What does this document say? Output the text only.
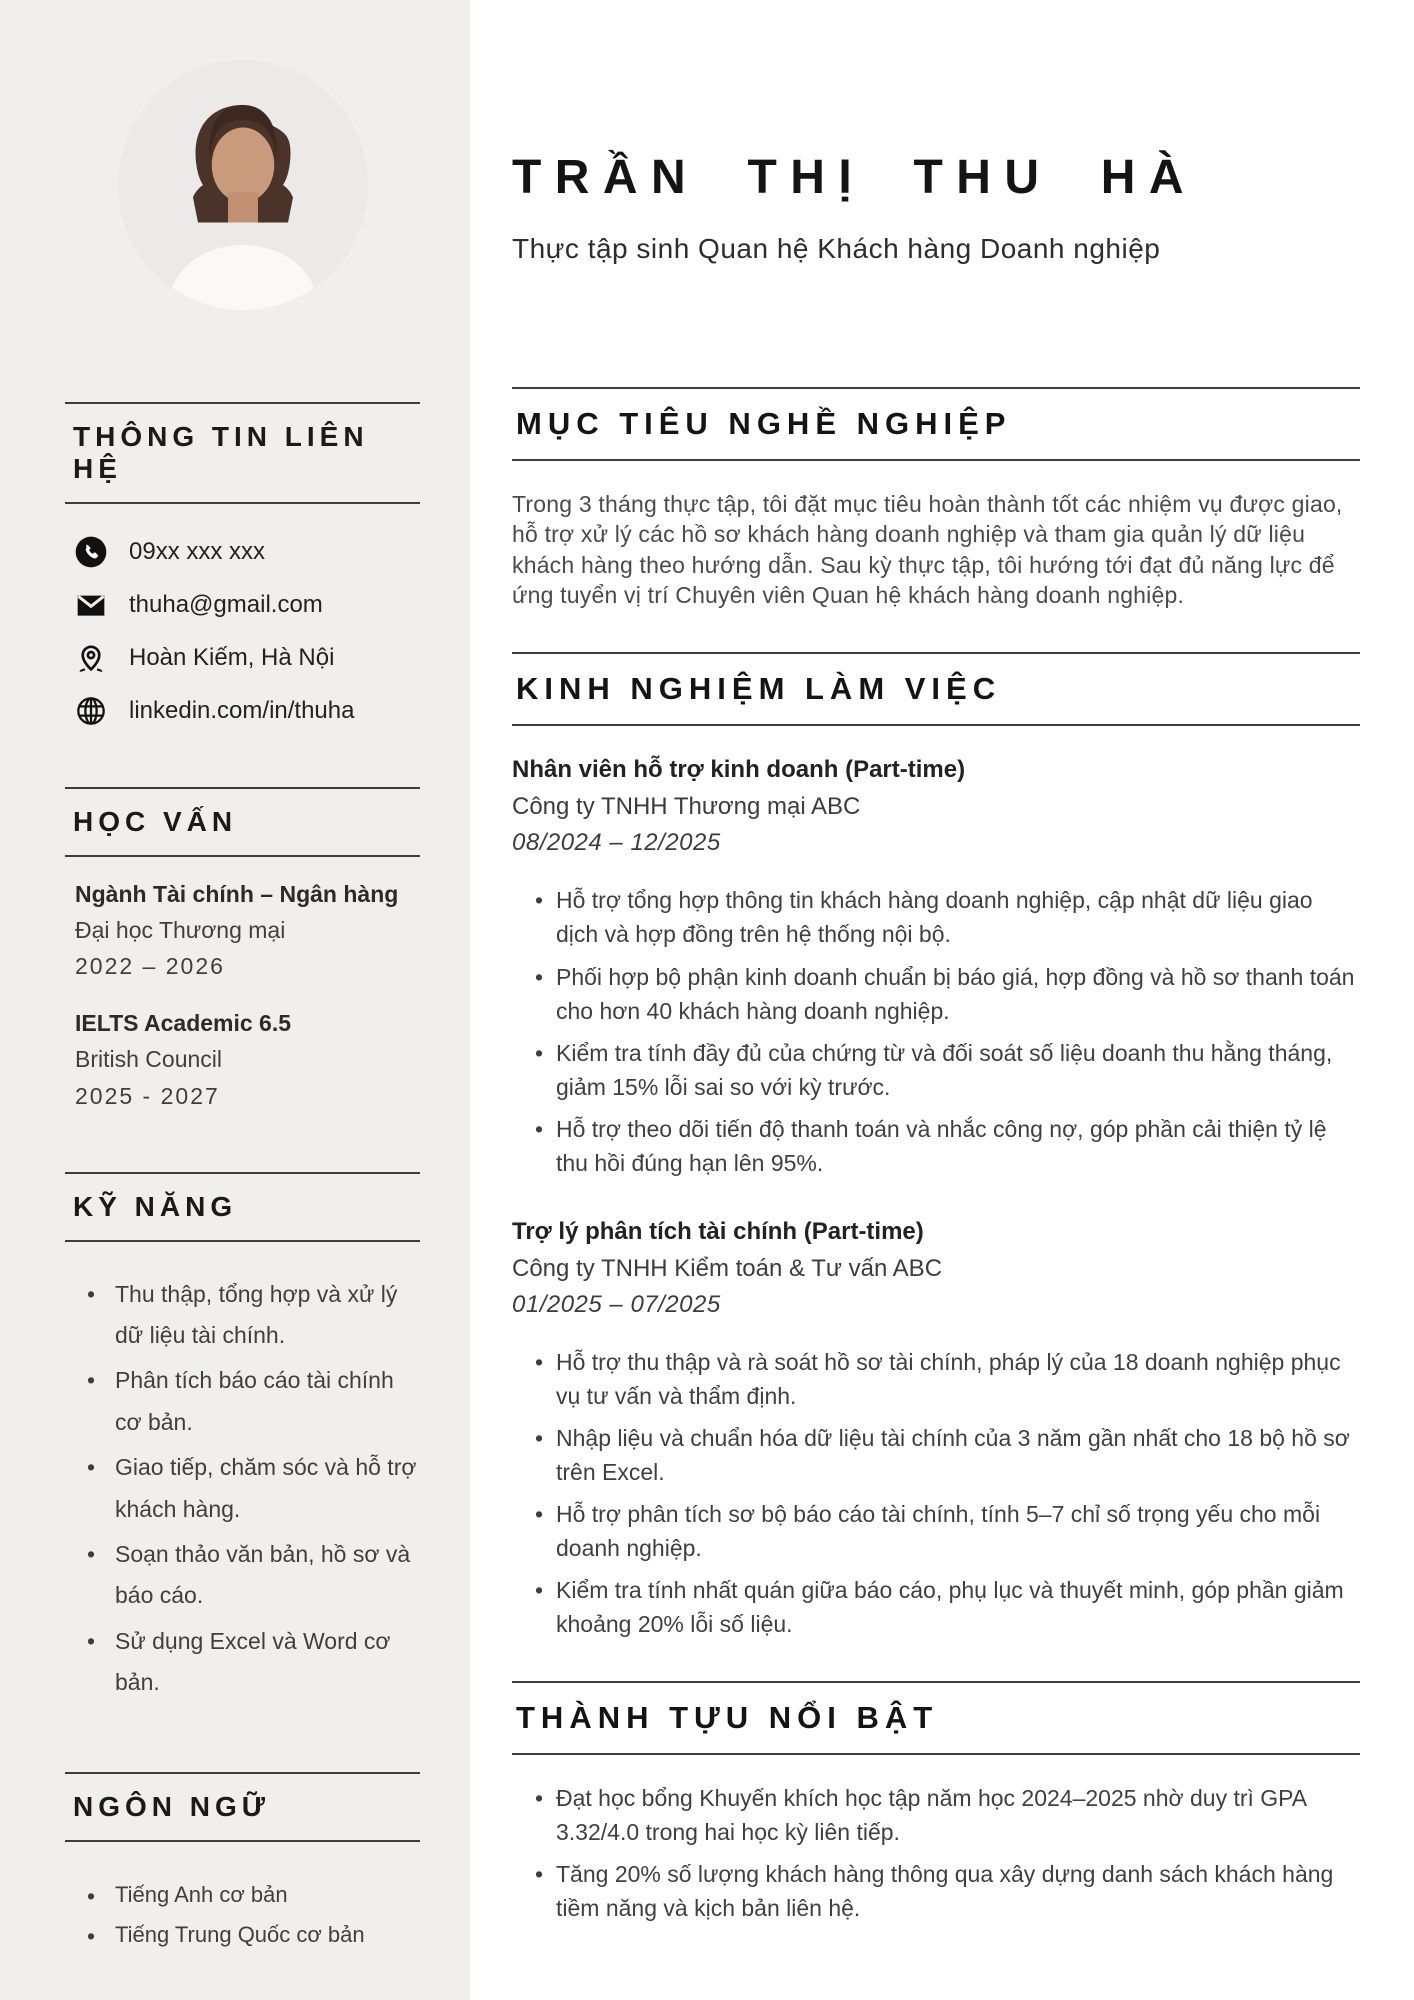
THÔNG TIN LIÊN HỆ
09xx xxx xxx
thuha@gmail.com
Hoàn Kiếm, Hà Nội
linkedin.com/in/thuha
HỌC VẤN

Ngành Tài chính – Ngân hàng

Đại học Thương mại

2022 – 2026

IELTS Academic 6.5

British Council

2025 - 2027

KỸ NĂNG
• Thu thập, tổng hợp và xử lý dữ liệu tài chính.
• Phân tích báo cáo tài chính cơ bản.
• Giao tiếp, chăm sóc và hỗ trợ khách hàng.
• Soạn thảo văn bản, hồ sơ và báo cáo.
• Sử dụng Excel và Word cơ bản.
NGÔN NGỮ
• Tiếng Anh cơ bản
• Tiếng Trung Quốc cơ bản
TRẦN THỊ THU HÀ

Thực tập sinh Quan hệ Khách hàng Doanh nghiệp

MỤC TIÊU NGHỀ NGHIỆP

Trong 3 tháng thực tập, tôi đặt mục tiêu hoàn thành tốt các nhiệm vụ được giao, hỗ trợ xử lý các hồ sơ khách hàng doanh nghiệp và tham gia quản lý dữ liệu khách hàng theo hướng dẫn. Sau kỳ thực tập, tôi hướng tới đạt đủ năng lực để ứng tuyển vị trí Chuyên viên Quan hệ khách hàng doanh nghiệp.

KINH NGHIỆM LÀM VIỆC

Nhân viên hỗ trợ kinh doanh (Part-time)

Công ty TNHH Thương mại ABC

08/2024 – 12/2025

• Hỗ trợ tổng hợp thông tin khách hàng doanh nghiệp, cập nhật dữ liệu giao dịch và hợp đồng trên hệ thống nội bộ.
• Phối hợp bộ phận kinh doanh chuẩn bị báo giá, hợp đồng và hồ sơ thanh toán cho hơn 40 khách hàng doanh nghiệp.
• Kiểm tra tính đầy đủ của chứng từ và đối soát số liệu doanh thu hằng tháng, giảm 15% lỗi sai so với kỳ trước.
• Hỗ trợ theo dõi tiến độ thanh toán và nhắc công nợ, góp phần cải thiện tỷ lệ thu hồi đúng hạn lên 95%.

Trợ lý phân tích tài chính (Part-time)

Công ty TNHH Kiểm toán & Tư vấn ABC

01/2025 – 07/2025

• Hỗ trợ thu thập và rà soát hồ sơ tài chính, pháp lý của 18 doanh nghiệp phục vụ tư vấn và thẩm định.
• Nhập liệu và chuẩn hóa dữ liệu tài chính của 3 năm gần nhất cho 18 bộ hồ sơ trên Excel.
• Hỗ trợ phân tích sơ bộ báo cáo tài chính, tính 5–7 chỉ số trọng yếu cho mỗi doanh nghiệp.
• Kiểm tra tính nhất quán giữa báo cáo, phụ lục và thuyết minh, góp phần giảm khoảng 20% lỗi số liệu.
THÀNH TỰU NỔI BẬT
• Đạt học bổng Khuyến khích học tập năm học 2024–2025 nhờ duy trì GPA 3.32/4.0 trong hai học kỳ liên tiếp.
• Tăng 20% số lượng khách hàng thông qua xây dựng danh sách khách hàng tiềm năng và kịch bản liên hệ.
